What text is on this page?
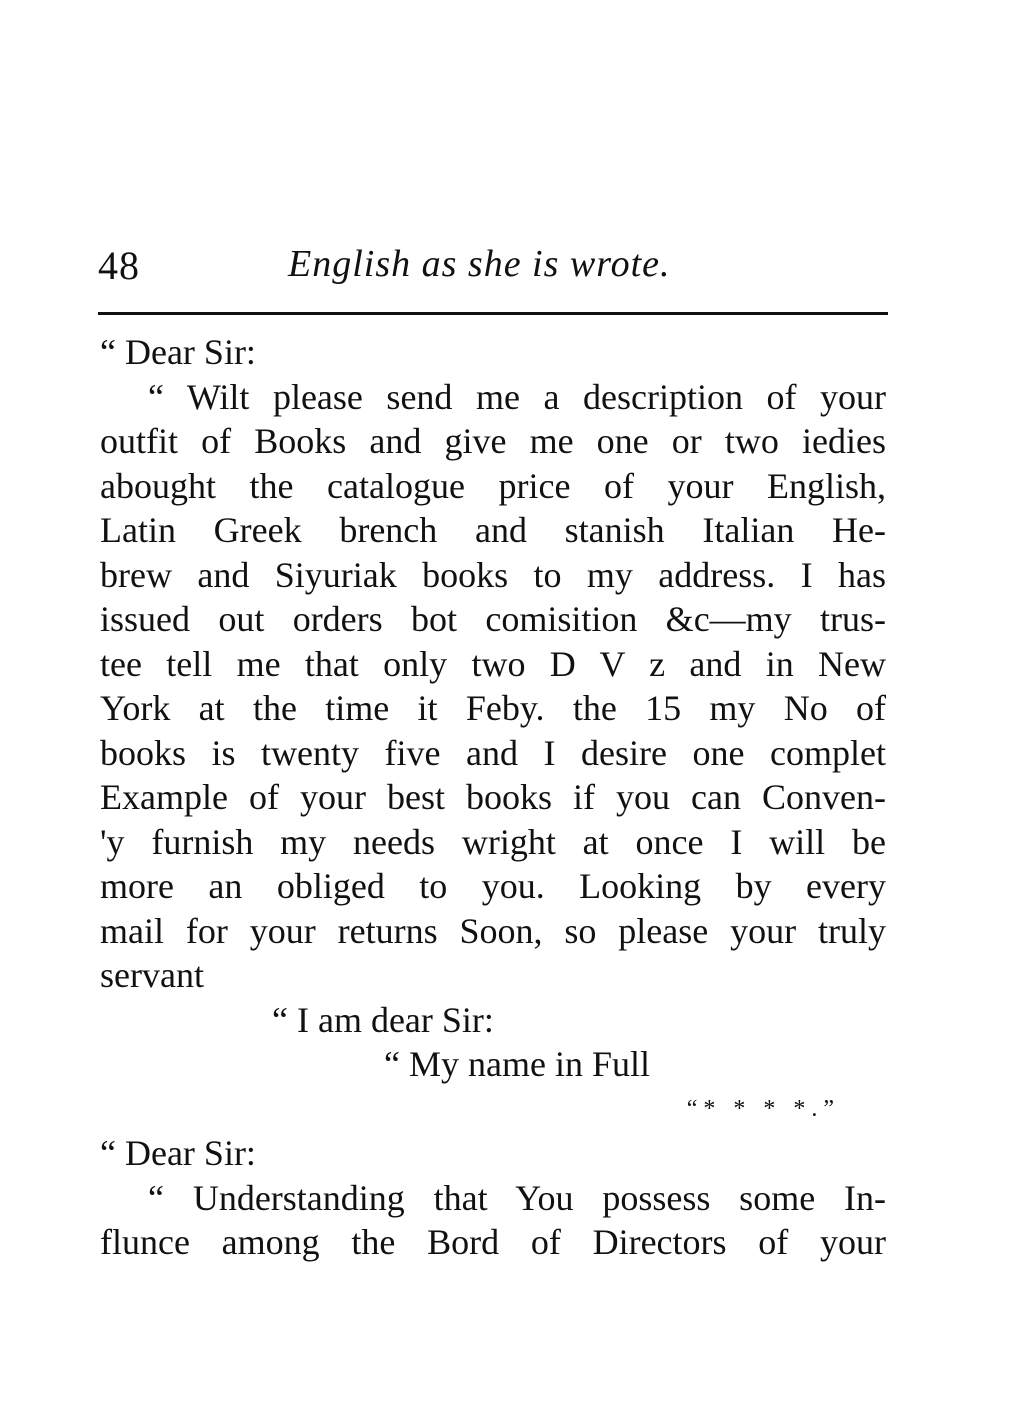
48	English as she is wrote.
“ Dear Sir:
“ Wilt please send me a description of your
outfit of Books and give me one or two iedies
abought the catalogue price of your English,
Latin Greek brench and stanish Italian He-
brew and Siyuriak books to my address. I has
issued out orders bot comisition &c—my trus-
tee tell me that only two D V z and in New
York at the time it Feby. the 15 my No of
books is twenty five and I desire one complet
Example of your best books if you can Conven-
'y furnish my needs wright at once I will be
more an obliged to you. Looking by every
mail for your returns Soon, so please your truly
servant
“ I am dear Sir:
“ My name in Full
“* * * *.”
“ Dear Sir:
“ Understanding that You possess some In-
flunce among the Bord of Directors of your
